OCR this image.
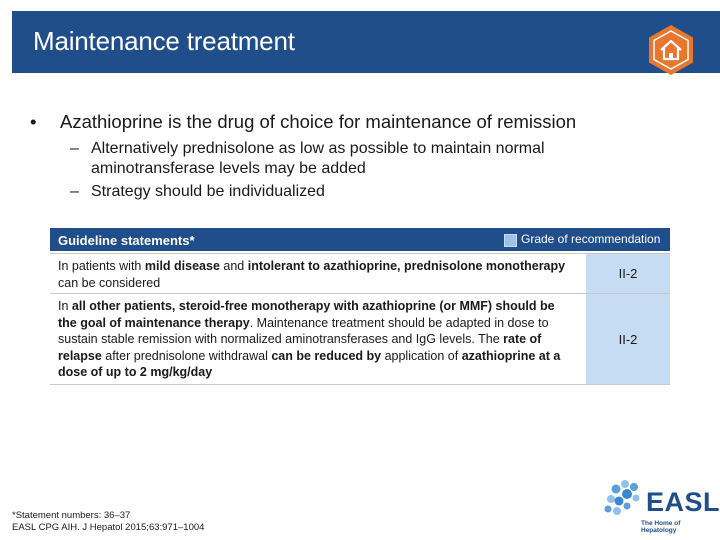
Maintenance treatment
• Azathioprine is the drug of choice for maintenance of remission
– Alternatively prednisolone as low as possible to maintain normal aminotransferase levels may be added
– Strategy should be individualized
Guideline statements*	Grade of recommendation
In patients with mild disease and intolerant to azathioprine, prednisolone monotherapy can be considered
II-2
In all other patients, steroid-free monotherapy with azathioprine (or MMF) should be the goal of maintenance therapy. Maintenance treatment should be adapted in dose to sustain stable remission with normalized aminotransferases and IgG levels. The rate of relapse after prednisolone withdrawal can be reduced by application of azathioprine at a dose of up to 2 mg/kg/day
II-2
*Statement numbers: 36–37
EASL CPG AIH. J Hepatol 2015;63:971–1004
EASL
The Home of Hepatology
